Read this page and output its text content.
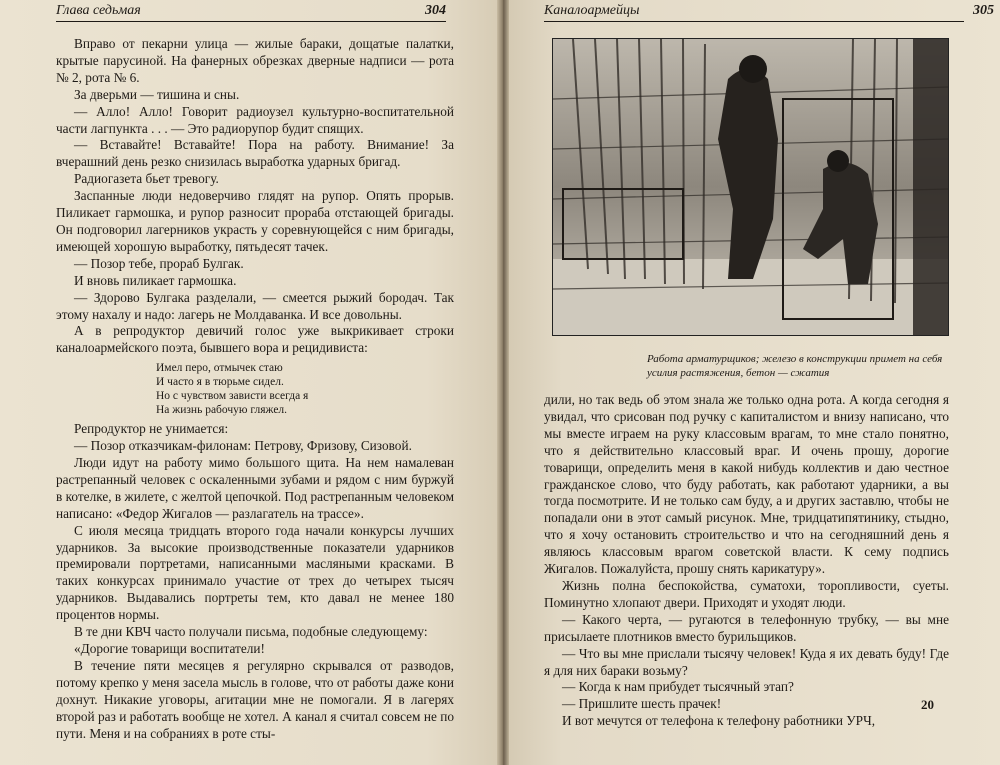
Глава седьмая	304

Вправо от пекарни улица — жилые бараки, дощатые палатки, крытые парусиной. На фанерных обрезках дверные надписи — рота № 2, рота № 6.

За дверьми — тишина и сны.

— Алло! Алло! Говорит радиоузел культурно-воспитательной части лагпункта . . . — Это радиорупор будит спящих.

— Вставайте! Вставайте! Пора на работу. Внимание! За вчерашний день резко снизилась выработка ударных бригад.

Радиогазета бьет тревогу.

Заспанные люди недоверчиво глядят на рупор. Опять прорыв. Пиликает гармошка, и рупор разносит прораба отстающей бригады. Он подговорил лагерников украсть у соревнующейся с ним бригады, имеющей хорошую выработку, пятьдесят тачек.

— Позор тебе, прораб Булгак.

И вновь пиликает гармошка.

— Здорово Булгака разделали, — смеется рыжий бородач. Так этому нахалу и надо: лагерь не Молдаванка. И все довольны.

А в репродуктор девичий голос уже выкрикивает строки каналоармейского поэта, бывшего вора и рецидивиста:

Имел перо, отмычек стаю
И часто я в тюрьме сидел.
Но с чувством зависти всегда я
На жизнь рабочую гляжел.

Репродуктор не унимается:

— Позор отказчикам-филонам: Петрову, Фризову, Сизовой.

Люди идут на работу мимо большого щита. На нем намалеван растрепанный человек с оскаленными зубами и рядом с ним буржуй в котелке, в жилете, с желтой цепочкой. Под растрепанным человеком написано: «Федор Жигалов — разлагатель на трассе».

С июля месяца тридцать второго года начали конкурсы лучших ударников. За высокие производственные показатели ударников премировали портретами, написанными масляными красками. В таких конкурсах принимало участие от трех до четырех тысяч ударников. Выдавались портреты тем, кто давал не менее 180 процентов нормы.

В те дни КВЧ часто получали письма, подобные следующему:

«Дорогие товарищи воспитатели!

В течение пяти месяцев я регулярно скрывался от разводов, потому крепко у меня засела мысль в голове, что от работы даже кони дохнут. Никакие уговоры, агитации мне не помогали. Я в лагерях второй раз и работать вообще не хотел. А канал я считал совсем не по пути. Меня и на собраниях в роте сты-

Каналоармейцы	305
Работа арматурщиков; железо в конструкции примет на себя усилия растяжения, бетон — сжатия

дили, но так ведь об этом знала же только одна рота. А когда сегодня я увидал, что срисован под ручку с капиталистом и внизу написано, что мы вместе играем на руку классовым врагам, то мне стало понятно, что я действительно классовый враг. И очень прошу, дорогие товарищи, определить меня в какой нибудь коллектив и даю честное гражданское слово, что буду работать, как работают ударники, а вы тогда посмотрите. И не только сам буду, а и других заставлю, чтобы не попадали они в этот самый рисунок. Мне, тридцатипятинику, стыдно, что я хочу остановить строительство и что на сегодняшний день я являюсь классовым врагом советской власти. К сему подпись Жигалов. Пожалуйста, прошу снять карикатуру».

Жизнь полна беспокойства, суматохи, торопливости, суеты. Поминутно хлопают двери. Приходят и уходят люди.

— Какого черта, — ругаются в телефонную трубку, — вы мне присылаете плотников вместо бурильщиков.

— Что вы мне прислали тысячу человек! Куда я их девать буду! Где я для них бараки возьму?

— Когда к нам прибудет тысячный этап?

— Пришлите шесть прачек!

И вот мечутся от телефона к телефону работники УРЧ,

20
